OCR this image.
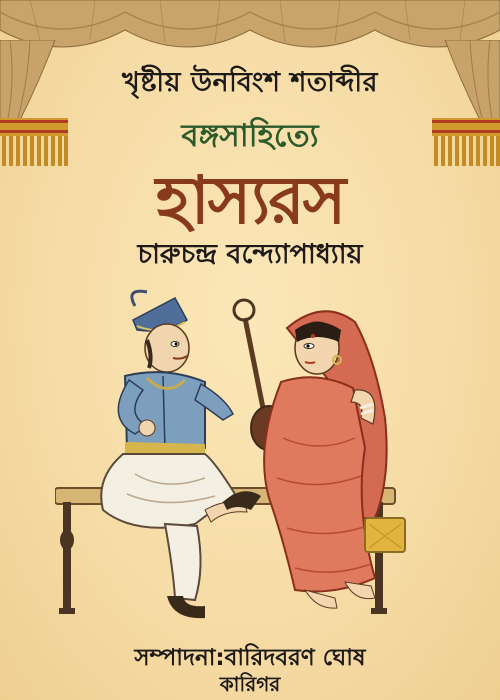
খৃষ্টীয় উনবিংশ শতাব্দীর
বঙ্গসাহিত্যে
হাস্যরস
চারুচন্দ্র বন্দ্যোপাধ্যায়
সম্পাদনা:বারিদবরণ ঘোষ
কারিগর
